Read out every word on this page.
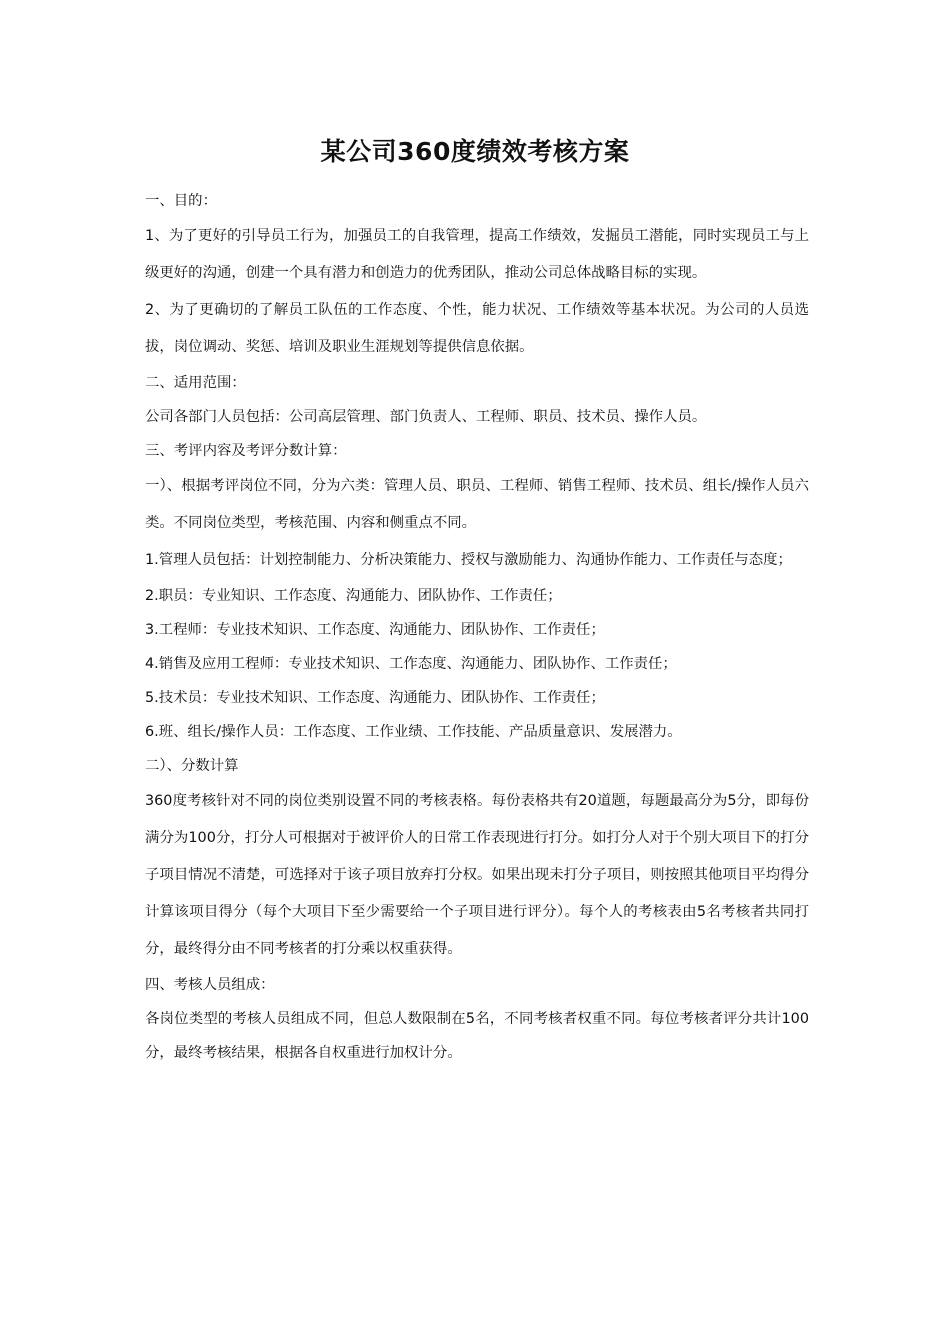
某公司360度绩效考核方案

一、目的：

1、为了更好的引导员工行为，加强员工的自我管理，提高工作绩效，发掘员工潜能，同时实现员工与上级更好的沟通，创建一个具有潜力和创造力的优秀团队，推动公司总体战略目标的实现。

2、为了更确切的了解员工队伍的工作态度、个性，能力状况、工作绩效等基本状况。为公司的人员选拔，岗位调动、奖惩、培训及职业生涯规划等提供信息依据。

二、适用范围：

公司各部门人员包括：公司高层管理、部门负责人、工程师、职员、技术员、操作人员。

三、考评内容及考评分数计算：

一）、根据考评岗位不同，分为六类：管理人员、职员、工程师、销售工程师、技术员、组长/操作人员六类。不同岗位类型，考核范围、内容和侧重点不同。

1.管理人员包括：计划控制能力、分析决策能力、授权与激励能力、沟通协作能力、工作责任与态度；

2.职员：专业知识、工作态度、沟通能力、团队协作、工作责任；

3.工程师：专业技术知识、工作态度、沟通能力、团队协作、工作责任；

4.销售及应用工程师：专业技术知识、工作态度、沟通能力、团队协作、工作责任；

5.技术员：专业技术知识、工作态度、沟通能力、团队协作、工作责任；

6.班、组长/操作人员：工作态度、工作业绩、工作技能、产品质量意识、发展潜力。

二）、分数计算

360度考核针对不同的岗位类别设置不同的考核表格。每份表格共有20道题，每题最高分为5分，即每份满分为100分，打分人可根据对于被评价人的日常工作表现进行打分。如打分人对于个别大项目下的打分子项目情况不清楚，可选择对于该子项目放弃打分权。如果出现未打分子项目，则按照其他项目平均得分计算该项目得分（每个大项目下至少需要给一个子项目进行评分）。每个人的考核表由5名考核者共同打分，最终得分由不同考核者的打分乘以权重获得。

四、考核人员组成：

各岗位类型的考核人员组成不同，但总人数限制在5名，不同考核者权重不同。每位考核者评分共计100分，最终考核结果，根据各自权重进行加权计分。
